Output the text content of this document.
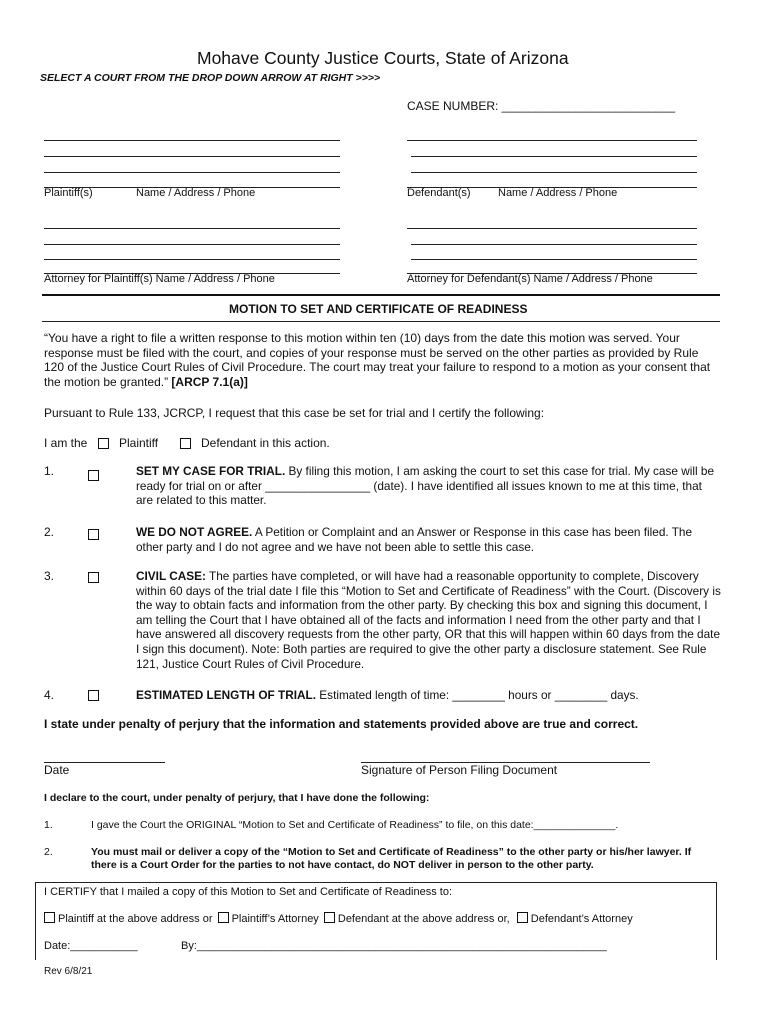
Mohave County Justice Courts, State of Arizona
SELECT A COURT FROM THE DROP DOWN ARROW AT RIGHT >>>>
CASE NUMBER: __________________________
Plaintiff(s)	Name / Address / Phone	Defendant(s) Name / Address / Phone
Attorney for Plaintiff(s) Name / Address / Phone	Attorney for Defendant(s) Name / Address / Phone
MOTION TO SET AND CERTIFICATE OF READINESS
“You have a right to file a written response to this motion within ten (10) days from the date this motion was served. Your response must be filed with the court, and copies of your response must be served on the other parties as provided by Rule 120 of the Justice Court Rules of Civil Procedure. The court may treat your failure to respond to a motion as your consent that the motion be granted.” [ARCP 7.1(a)]
Pursuant to Rule 133, JCRCP, I request that this case be set for trial and I certify the following:
I am the	Plaintiff	Defendant in this action.
1.	SET MY CASE FOR TRIAL. By filing this motion, I am asking the court to set this case for trial. My case will be ready for trial on or after ________________ (date). I have identified all issues known to me at this time, that are related to this matter.
2.	WE DO NOT AGREE. A Petition or Complaint and an Answer or Response in this case has been filed. The other party and I do not agree and we have not been able to settle this case.
3.	CIVIL CASE: The parties have completed, or will have had a reasonable opportunity to complete, Discovery within 60 days of the trial date I file this “Motion to Set and Certificate of Readiness” with the Court. (Discovery is the way to obtain facts and information from the other party. By checking this box and signing this document, I am telling the Court that I have obtained all of the facts and information I need from the other party and that I have answered all discovery requests from the other party, OR that this will happen within 60 days from the date I sign this document). Note: Both parties are required to give the other party a disclosure statement. See Rule 121, Justice Court Rules of Civil Procedure.
4.	ESTIMATED LENGTH OF TRIAL. Estimated length of time: ________ hours or ________ days.
I state under penalty of perjury that the information and statements provided above are true and correct.
Date	Signature of Person Filing Document
I declare to the court, under penalty of perjury, that I have done the following:
1.	I gave the Court the ORIGINAL “Motion to Set and Certificate of Readiness” to file, on this date:______________.
2.	You must mail or deliver a copy of the “Motion to Set and Certificate of Readiness” to the other party or his/her lawyer. If there is a Court Order for the parties to not have contact, do NOT deliver in person to the other party.
I CERTIFY that I mailed a copy of this Motion to Set and Certificate of Readiness to:
Plaintiff at the above address or Plaintiff’s Attorney Defendant at the above address or, Defendant’s Attorney
Date:___________	By:___________________________________________________________________
Rev 6/8/21
